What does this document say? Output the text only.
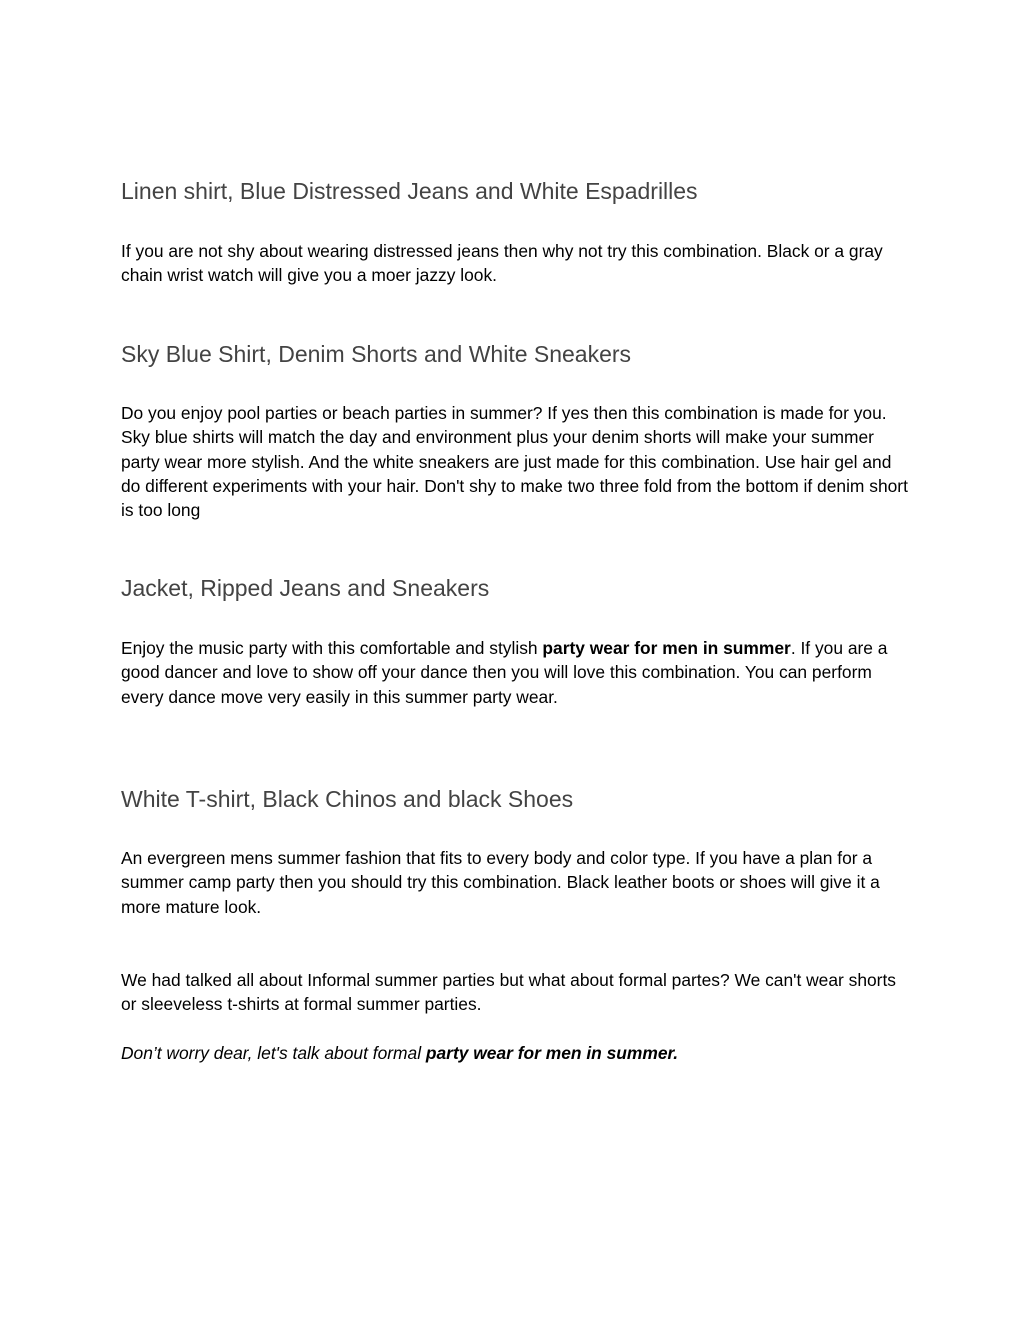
Linen shirt, Blue Distressed Jeans and White Espadrilles

If you are not shy about wearing distressed jeans then why not try this combination. Black or a gray chain wrist watch will give you a moer jazzy look.

Sky Blue Shirt, Denim Shorts and White Sneakers

Do you enjoy pool parties or beach parties in summer? If yes then this combination is made for you. Sky blue shirts will match the day and environment plus your denim shorts will make your summer party wear more stylish. And the white sneakers are just made for this combination. Use hair gel and do different experiments with your hair. Don't shy to make two three fold from the bottom if denim short is too long

Jacket, Ripped Jeans and Sneakers

Enjoy the music party with this comfortable and stylish party wear for men in summer. If you are a good dancer and love to show off your dance then you will love this combination. You can perform every dance move very easily in this summer party wear.

White T-shirt, Black Chinos and black Shoes

An evergreen mens summer fashion that fits to every body and color type. If you have a plan for a summer camp party then you should try this combination. Black leather boots or shoes will give it a more mature look.

We had talked all about Informal summer parties but what about formal partes? We can't wear shorts or sleeveless t-shirts at formal summer parties.

Don’t worry dear, let's talk about formal party wear for men in summer.
